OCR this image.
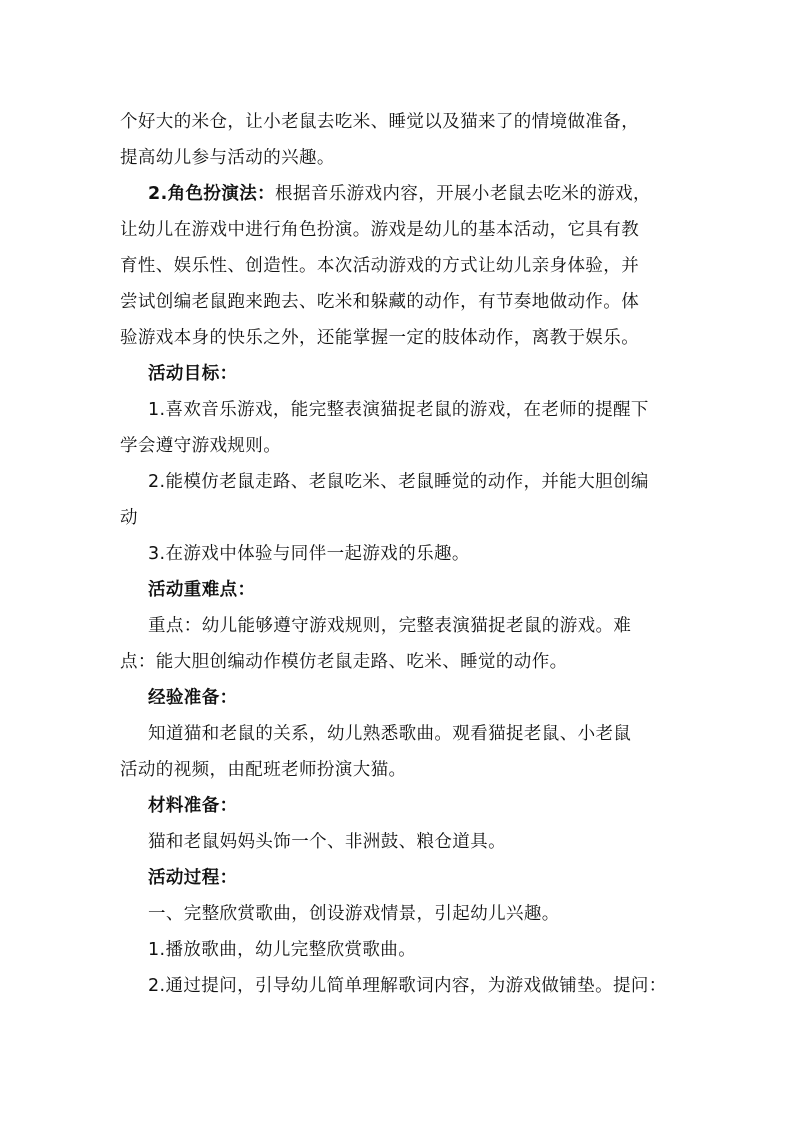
个好大的米仓，让小老鼠去吃米、睡觉以及猫来了的情境做准备，
提高幼儿参与活动的兴趣。
2.角色扮演法：根据音乐游戏内容，开展小老鼠去吃米的游戏，
让幼儿在游戏中进行角色扮演。游戏是幼儿的基本活动，它具有教
育性、娱乐性、创造性。本次活动游戏的方式让幼儿亲身体验，并
尝试创编老鼠跑来跑去、吃米和躲藏的动作，有节奏地做动作。体
验游戏本身的快乐之外，还能掌握一定的肢体动作，离教于娱乐。
活动目标：
1.喜欢音乐游戏，能完整表演猫捉老鼠的游戏，在老师的提醒下
学会遵守游戏规则。
2.能模仿老鼠走路、老鼠吃米、老鼠睡觉的动作，并能大胆创编
动
3.在游戏中体验与同伴一起游戏的乐趣。
活动重难点：
重点：幼儿能够遵守游戏规则，完整表演猫捉老鼠的游戏。难
点：能大胆创编动作模仿老鼠走路、吃米、睡觉的动作。
经验准备：
知道猫和老鼠的关系，幼儿熟悉歌曲。观看猫捉老鼠、小老鼠
活动的视频，由配班老师扮演大猫。
材料准备：
猫和老鼠妈妈头饰一个、非洲鼓、粮仓道具。
活动过程：
一、完整欣赏歌曲，创设游戏情景，引起幼儿兴趣。
1.播放歌曲，幼儿完整欣赏歌曲。
2.通过提问，引导幼儿简单理解歌词内容，为游戏做铺垫。提问：
